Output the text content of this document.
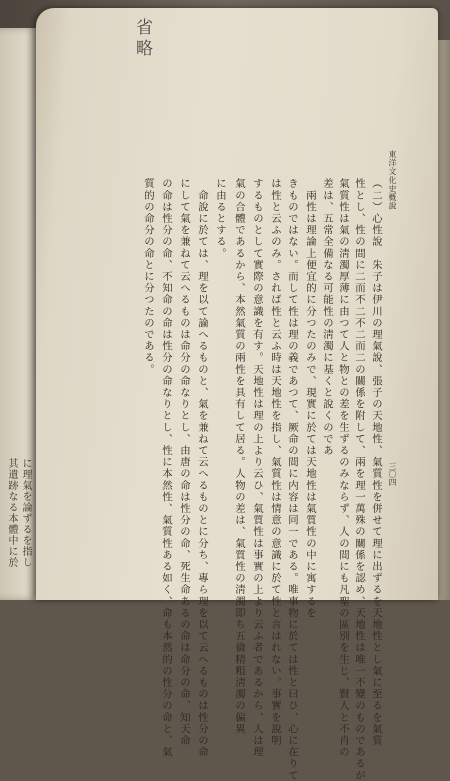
其遺跡なる本體中に於 に理氣を論ずるを指し
東洋文化史概說
三〇四
省略
（二）心性說　朱子は伊川の理氣說、張子の天地性、氣質性を併せて理に出ずるを天地性とし氣に至るを氣質
性とし、性の間に二而不二不二而二の關係を附して、兩を理一萬殊の關係を認め、天地性は唯一不變のものであるが
氣質性は氣の淸濁厚薄に由つて人と物との差を生ずるのみならず、人の間にも凡聖の區別を生じ、賢人と不肖の
差は、五常全備なる可能性の淸濁に基くと說くのであ
　兩性は理論上便宜的に分つたのみで、現實に於ては天地性は氣質性の中に寓するを
きものではない。而して性は理の義であつて、厥命の間に内容は同一である。唯事物に於ては性と曰ひ、心に在りて
は性と云ふのみ。されば性と云ふ時は天地性を指し、氣質性は情意の意識に於て性と言はれない。事實を說明
するものとして實際の意識を有す。天地性は理の上より云ひ、氣質性は事實の上より云ふ者であるから、人は理
氣の合體であるから、本然氣質の兩性を具有して居る。人物の差は、氣質性の淸濁即ち五倫精粗淸濁の偏異
に由るとする。
　命說に於ては、理を以て論へるものと、氣を兼ねて云へるものとに分ち、專ら理を以て云へるものは性分の命
にして氣を兼ねて云へるものは命分の命なりとし、由唐の命は性分の命、死生命あるの命は命分の命、知天命
の命は性分の命、不知命の命は性分の命なりとし、性に本然性、氣質性ある如く、命も本然的の性分の命と、氣
質的の命分の命とに分つたのである。
